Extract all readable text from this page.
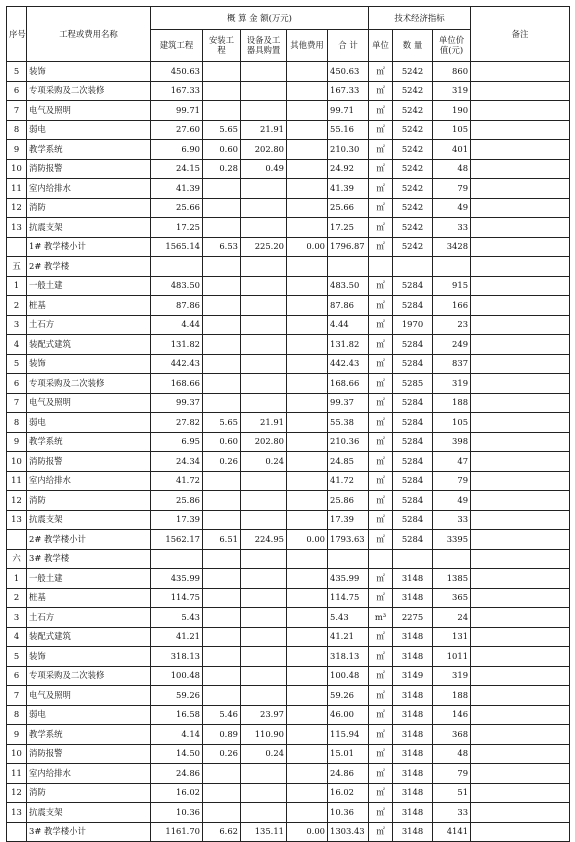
序号	工程或费用名称	概 算 金 额(万元)					技术经济指标			备注
		建筑工程	安装工程	设备及工器具购置	其他费用	合 计	单位	数 量	单位价值(元)	
5	装饰	450.63				450.63	㎡	5242	860	
6	专项采购及二次装修	167.33				167.33	㎡	5242	319	
7	电气及照明	99.71				99.71	㎡	5242	190	
8	弱电	27.60	5.65	21.91		55.16	㎡	5242	105	
9	教学系统	6.90	0.60	202.80		210.30	㎡	5242	401	
10	消防报警	24.15	0.28	0.49		24.92	㎡	5242	48	
11	室内给排水	41.39				41.39	㎡	5242	79	
12	消防	25.66				25.66	㎡	5242	49	
13	抗震支架	17.25				17.25	㎡	5242	33	
	1# 教学楼小计	1565.14	6.53	225.20	0.00	1796.87	㎡	5242	3428	
五	2# 教学楼									
1	一般土建	483.50				483.50	㎡	5284	915	
2	桩基	87.86				87.86	㎡	5284	166	
3	土石方	4.44				4.44	㎡	1970	23	
4	装配式建筑	131.82				131.82	㎡	5284	249	
5	装饰	442.43				442.43	㎡	5284	837	
6	专项采购及二次装修	168.66				168.66	㎡	5285	319	
7	电气及照明	99.37				99.37	㎡	5284	188	
8	弱电	27.82	5.65	21.91		55.38	㎡	5284	105	
9	教学系统	6.95	0.60	202.80		210.36	㎡	5284	398	
10	消防报警	24.34	0.26	0.24		24.85	㎡	5284	47	
11	室内给排水	41.72				41.72	㎡	5284	79	
12	消防	25.86				25.86	㎡	5284	49	
13	抗震支架	17.39				17.39	㎡	5284	33	
	2# 教学楼小计	1562.17	6.51	224.95	0.00	1793.63	㎡	5284	3395	
六	3# 教学楼									
1	一般土建	435.99				435.99	㎡	3148	1385	
2	桩基	114.75				114.75	㎡	3148	365	
3	土石方	5.43				5.43	m³	2275	24	
4	装配式建筑	41.21				41.21	㎡	3148	131	
5	装饰	318.13				318.13	㎡	3148	1011	
6	专项采购及二次装修	100.48				100.48	㎡	3149	319	
7	电气及照明	59.26				59.26	㎡	3148	188	
8	弱电	16.58	5.46	23.97		46.00	㎡	3148	146	
9	教学系统	4.14	0.89	110.90		115.94	㎡	3148	368	
10	消防报警	14.50	0.26	0.24		15.01	㎡	3148	48	
11	室内给排水	24.86				24.86	㎡	3148	79	
12	消防	16.02				16.02	㎡	3148	51	
13	抗震支架	10.36				10.36	㎡	3148	33	
	3# 教学楼小计	1161.70	6.62	135.11	0.00	1303.43	㎡	3148	4141	
